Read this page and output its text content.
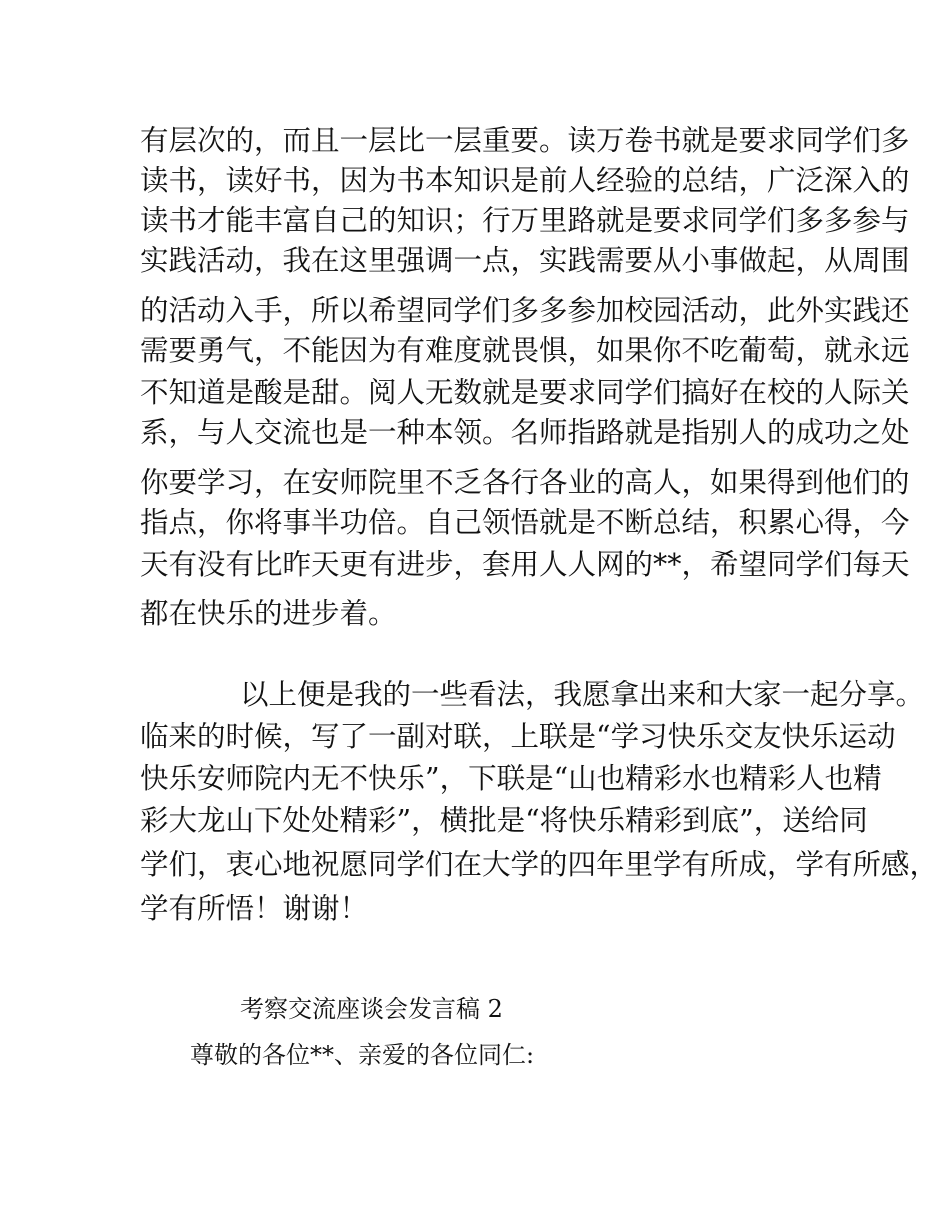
有层次的，而且一层比一层重要。读万卷书就是要求同学们多
读书，读好书，因为书本知识是前人经验的总结，广泛深入的
读书才能丰富自己的知识；行万里路就是要求同学们多多参与
实践活动，我在这里强调一点，实践需要从小事做起，从周围
的活动入手，所以希望同学们多多参加校园活动，此外实践还
需要勇气，不能因为有难度就畏惧，如果你不吃葡萄，就永远
不知道是酸是甜。阅人无数就是要求同学们搞好在校的人际关
系，与人交流也是一种本领。名师指路就是指别人的成功之处
你要学习，在安师院里不乏各行各业的高人，如果得到他们的
指点，你将事半功倍。自己领悟就是不断总结，积累心得，今
天有没有比昨天更有进步，套用人人网的**，希望同学们每天
都在快乐的进步着。
以上便是我的一些看法，我愿拿出来和大家一起分享。
临来的时候，写了一副对联，上联是“学习快乐交友快乐运动
快乐安师院内无不快乐”，下联是“山也精彩水也精彩人也精
彩大龙山下处处精彩”，横批是“将快乐精彩到底”，送给同
学们，衷心地祝愿同学们在大学的四年里学有所成，学有所感，
学有所悟！谢谢！
考察交流座谈会发言稿 2
尊敬的各位**、亲爱的各位同仁:
